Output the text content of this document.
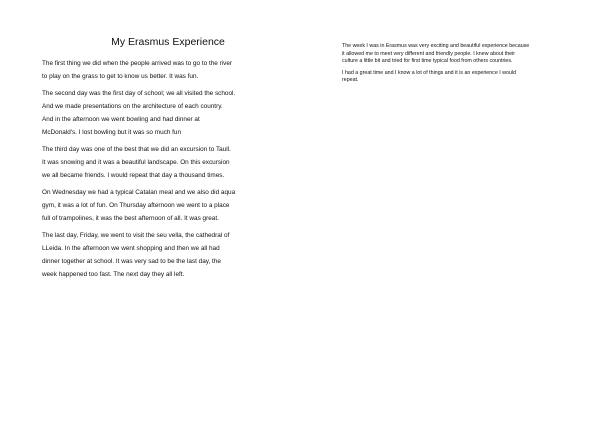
My Erasmus Experience

The first thing we did when the people arrived was to go to the river
to play on the grass to get to know us better. It was fun.

The second day was the first day of school; we all visited the school.
And we made presentations on the architecture of each country.
And in the afternoon we went bowling and had dinner at
McDonald's. I lost bowling but it was so much fun

The third day was one of the best that we did an excursion to Taull.
It was snowing and it was a beautiful landscape. On this excursion
we all became friends. I would repeat that day a thousand times.

On Wednesday we had a typical Catalan meal and we also did aqua
gym, it was a lot of fun. On Thursday afternoon we went to a place
full of trampolines, it was the best afternoon of all. It was great.

The last day, Friday, we went to visit the seu vella, the cathedral of
LLeida. In the afternoon we went shopping and then we all had
dinner together at school. It was very sad to be the last day, the
week happened too fast. The next day they all left.

The week I was in Erasmus was very exciting and beautiful experience because
it allowed me to meet very different and friendly people. I knew about their
culture a little bit and tried for first time typical food from others countries.

I had a great time and I know a lot of things and it is an experience I would
repeat.
